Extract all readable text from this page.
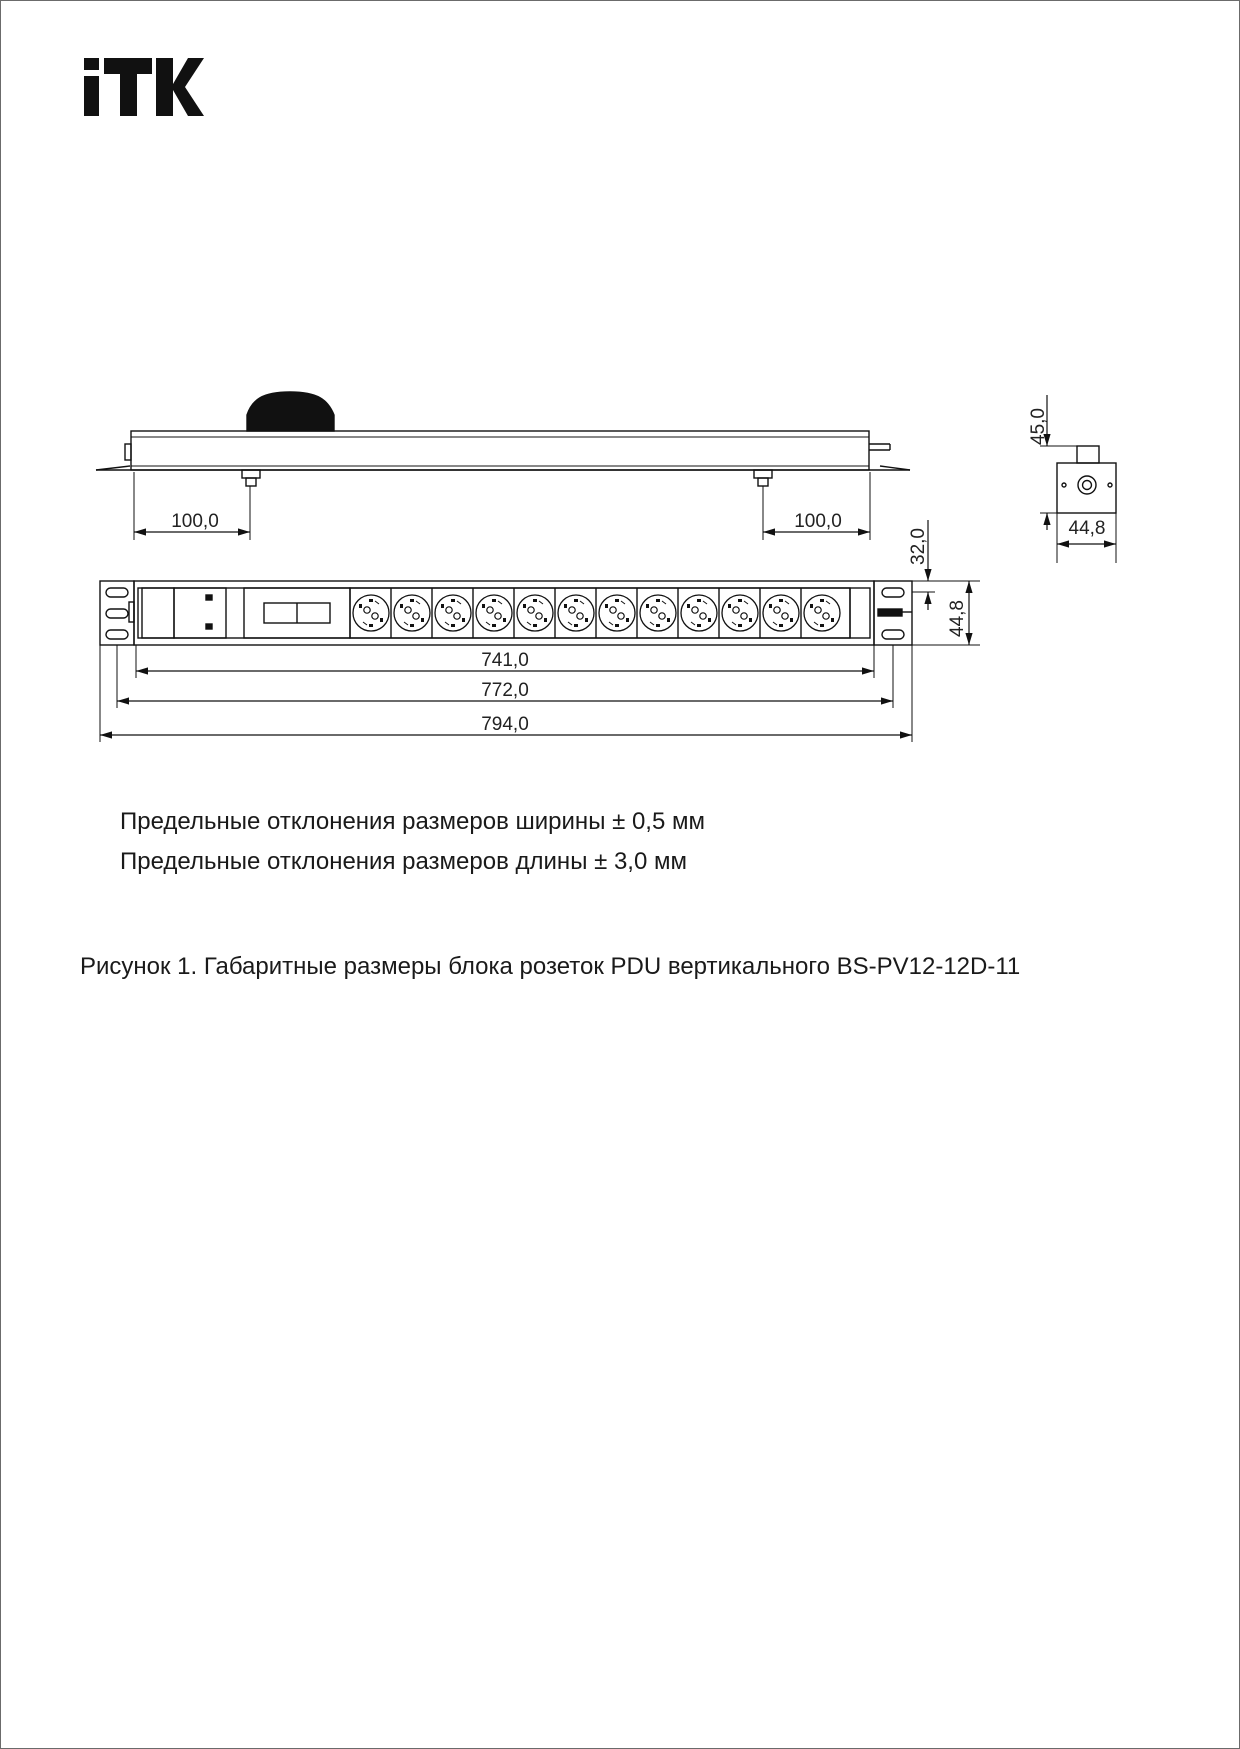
100,0	100,0
45,0
44,8
741,0
772,0
794,0
32,0
44,8
Предельные отклонения размеров ширины ± 0,5 мм
Предельные отклонения размеров длины ± 3,0 мм
Рисунок 1. Габаритные размеры блока розеток PDU вертикального BS-PV12-12D-11
